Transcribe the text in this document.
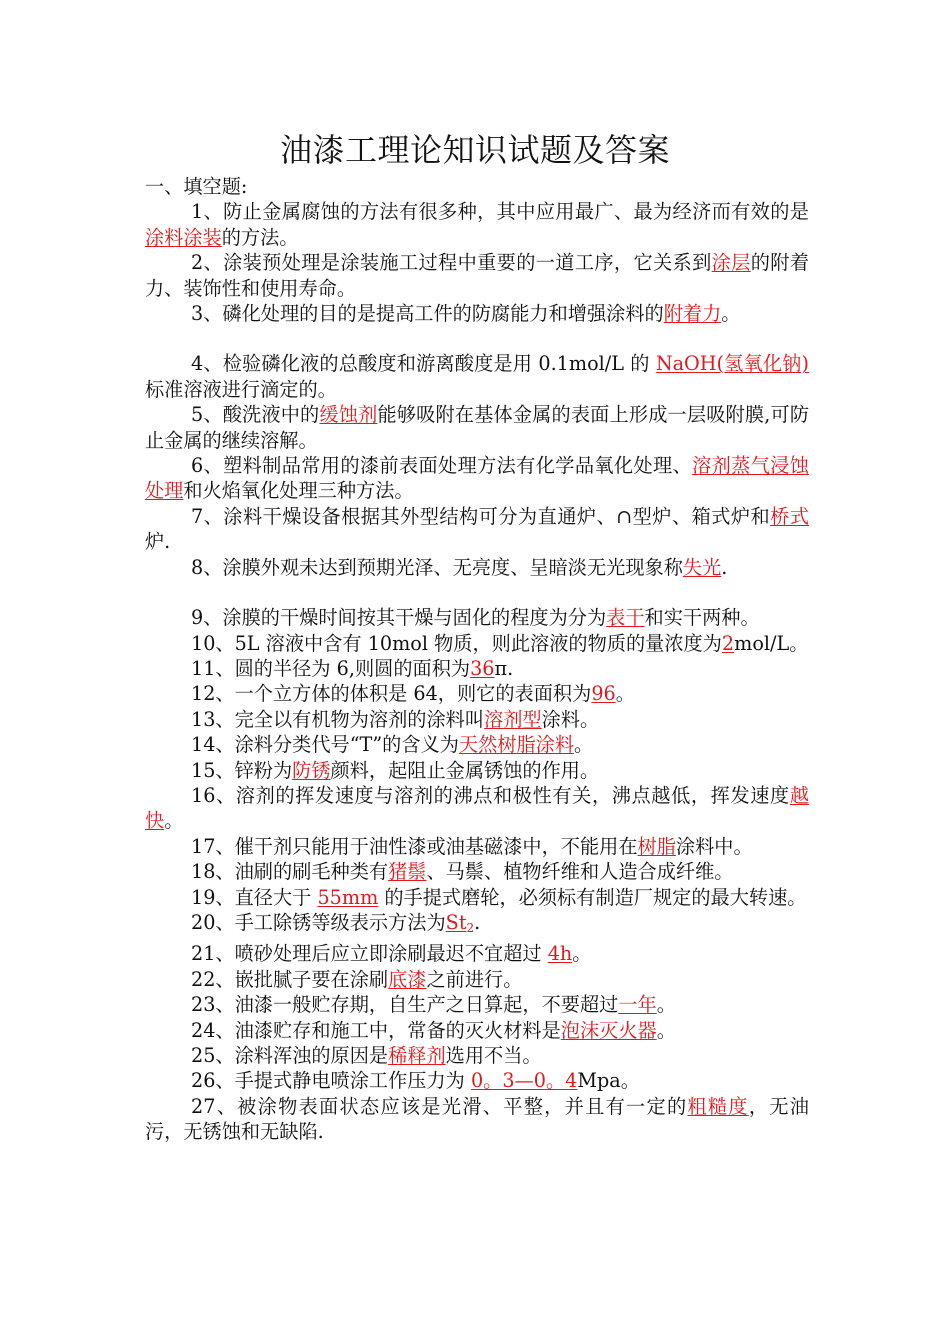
油漆工理论知识试题及答案

一、填空题:

1、防止金属腐蚀的方法有很多种，其中应用最广、最为经济而有效的是涂料涂装的方法。

2、涂装预处理是涂装施工过程中重要的一道工序，它关系到涂层的附着力、装饰性和使用寿命。

3、磷化处理的目的是提高工件的防腐能力和增强涂料的附着力。

4、检验磷化液的总酸度和游离酸度是用 0.1mol/L 的 NaOH(氢氧化钠) 标准溶液进行滴定的。

5、酸洗液中的缓蚀剂能够吸附在基体金属的表面上形成一层吸附膜,可防止金属的继续溶解。

6、塑料制品常用的漆前表面处理方法有化学品氧化处理、溶剂蒸气浸蚀处理和火焰氧化处理三种方法。

7、涂料干燥设备根据其外型结构可分为直通炉、∩型炉、箱式炉和桥式炉.

8、涂膜外观未达到预期光泽、无亮度、呈暗淡无光现象称失光.

9、涂膜的干燥时间按其干燥与固化的程度为分为表干和实干两种。

10、5L 溶液中含有 10mol 物质，则此溶液的物质的量浓度为2mol/L。

11、圆的半径为 6,则圆的面积为36π.

12、一个立方体的体积是 64，则它的表面积为96。

13、完全以有机物为溶剂的涂料叫溶剂型涂料。

14、涂料分类代号“T”的含义为天然树脂涂料。

15、锌粉为防锈颜料，起阻止金属锈蚀的作用。

16、溶剂的挥发速度与溶剂的沸点和极性有关，沸点越低，挥发速度越快。

17、催干剂只能用于油性漆或油基磁漆中，不能用在树脂涂料中。

18、油刷的刷毛种类有猪鬃、马鬃、植物纤维和人造合成纤维。

19、直径大于 55mm 的手提式磨轮，必须标有制造厂规定的最大转速。

20、手工除锈等级表示方法为$St_2$.

21、喷砂处理后应立即涂刷最迟不宜超过 4h。

22、嵌批腻子要在涂刷底漆之前进行。

23、油漆一般贮存期，自生产之日算起，不要超过一年。

24、油漆贮存和施工中，常备的灭火材料是泡沫灭火器。

25、涂料浑浊的原因是稀释剂选用不当。

26、手提式静电喷涂工作压力为 0。3—0。4Mpa。

27、被涂物表面状态应该是光滑、平整，并且有一定的粗糙度，无油污，无锈蚀和无缺陷.
